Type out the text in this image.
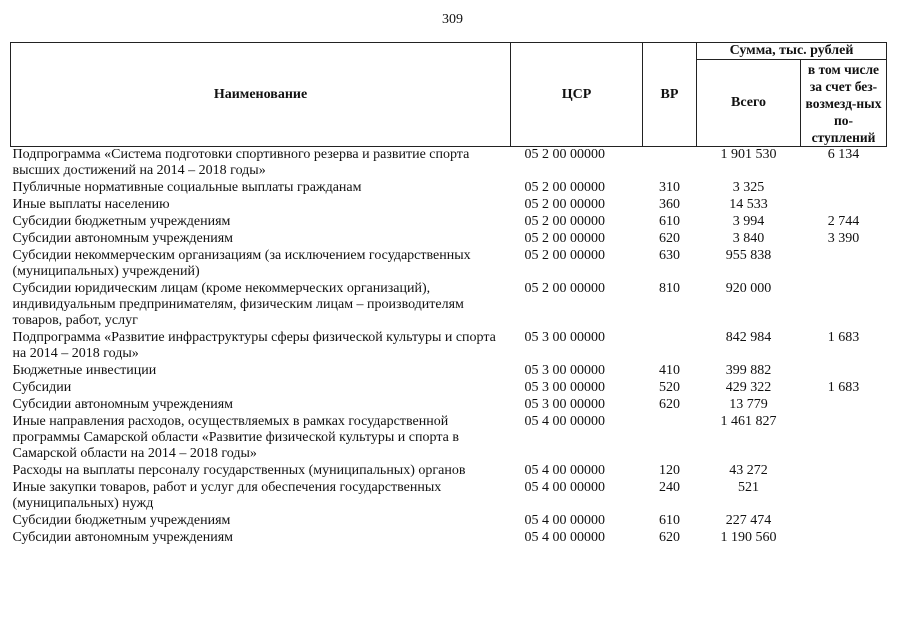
309
Наименование	ЦСР	ВР	Сумма, тыс. рублей	
			Всего	в том числе за счет без-возмезд-ных по-ступлений
Подпрограмма «Система подготовки спортивного резерва и развитие спорта высших достижений на 2014 – 2018 годы»	05 2 00 00000		1 901 530	6 134
Публичные нормативные социальные выплаты гражданам	05 2 00 00000	310	3 325	
Иные выплаты населению	05 2 00 00000	360	14 533	
Субсидии бюджетным учреждениям	05 2 00 00000	610	3 994	2 744
Субсидии автономным учреждениям	05 2 00 00000	620	3 840	3 390
Субсидии некоммерческим организациям (за исключением государственных (муниципальных) учреждений)	05 2 00 00000	630	955 838	
Субсидии юридическим лицам (кроме некоммерческих организаций), индивидуальным предпринимателям, физическим лицам – производителям товаров, работ, услуг	05 2 00 00000	810	920 000	
Подпрограмма «Развитие инфраструктуры сферы физической культуры и спорта на 2014 – 2018 годы»	05 3 00 00000		842 984	1 683
Бюджетные инвестиции	05 3 00 00000	410	399 882	
Субсидии	05 3 00 00000	520	429 322	1 683
Субсидии автономным учреждениям	05 3 00 00000	620	13 779	
Иные направления расходов, осуществляемых в рамках государственной программы Самарской области «Развитие физической культуры и спорта в Самарской области на 2014 – 2018 годы»	05 4 00 00000		1 461 827	
Расходы на выплаты персоналу государственных (муниципальных) органов	05 4 00 00000	120	43 272	
Иные закупки товаров, работ и услуг для обеспечения государственных (муниципальных) нужд	05 4 00 00000	240	521	
Субсидии бюджетным учреждениям	05 4 00 00000	610	227 474	
Субсидии автономным учреждениям	05 4 00 00000	620	1 190 560	
